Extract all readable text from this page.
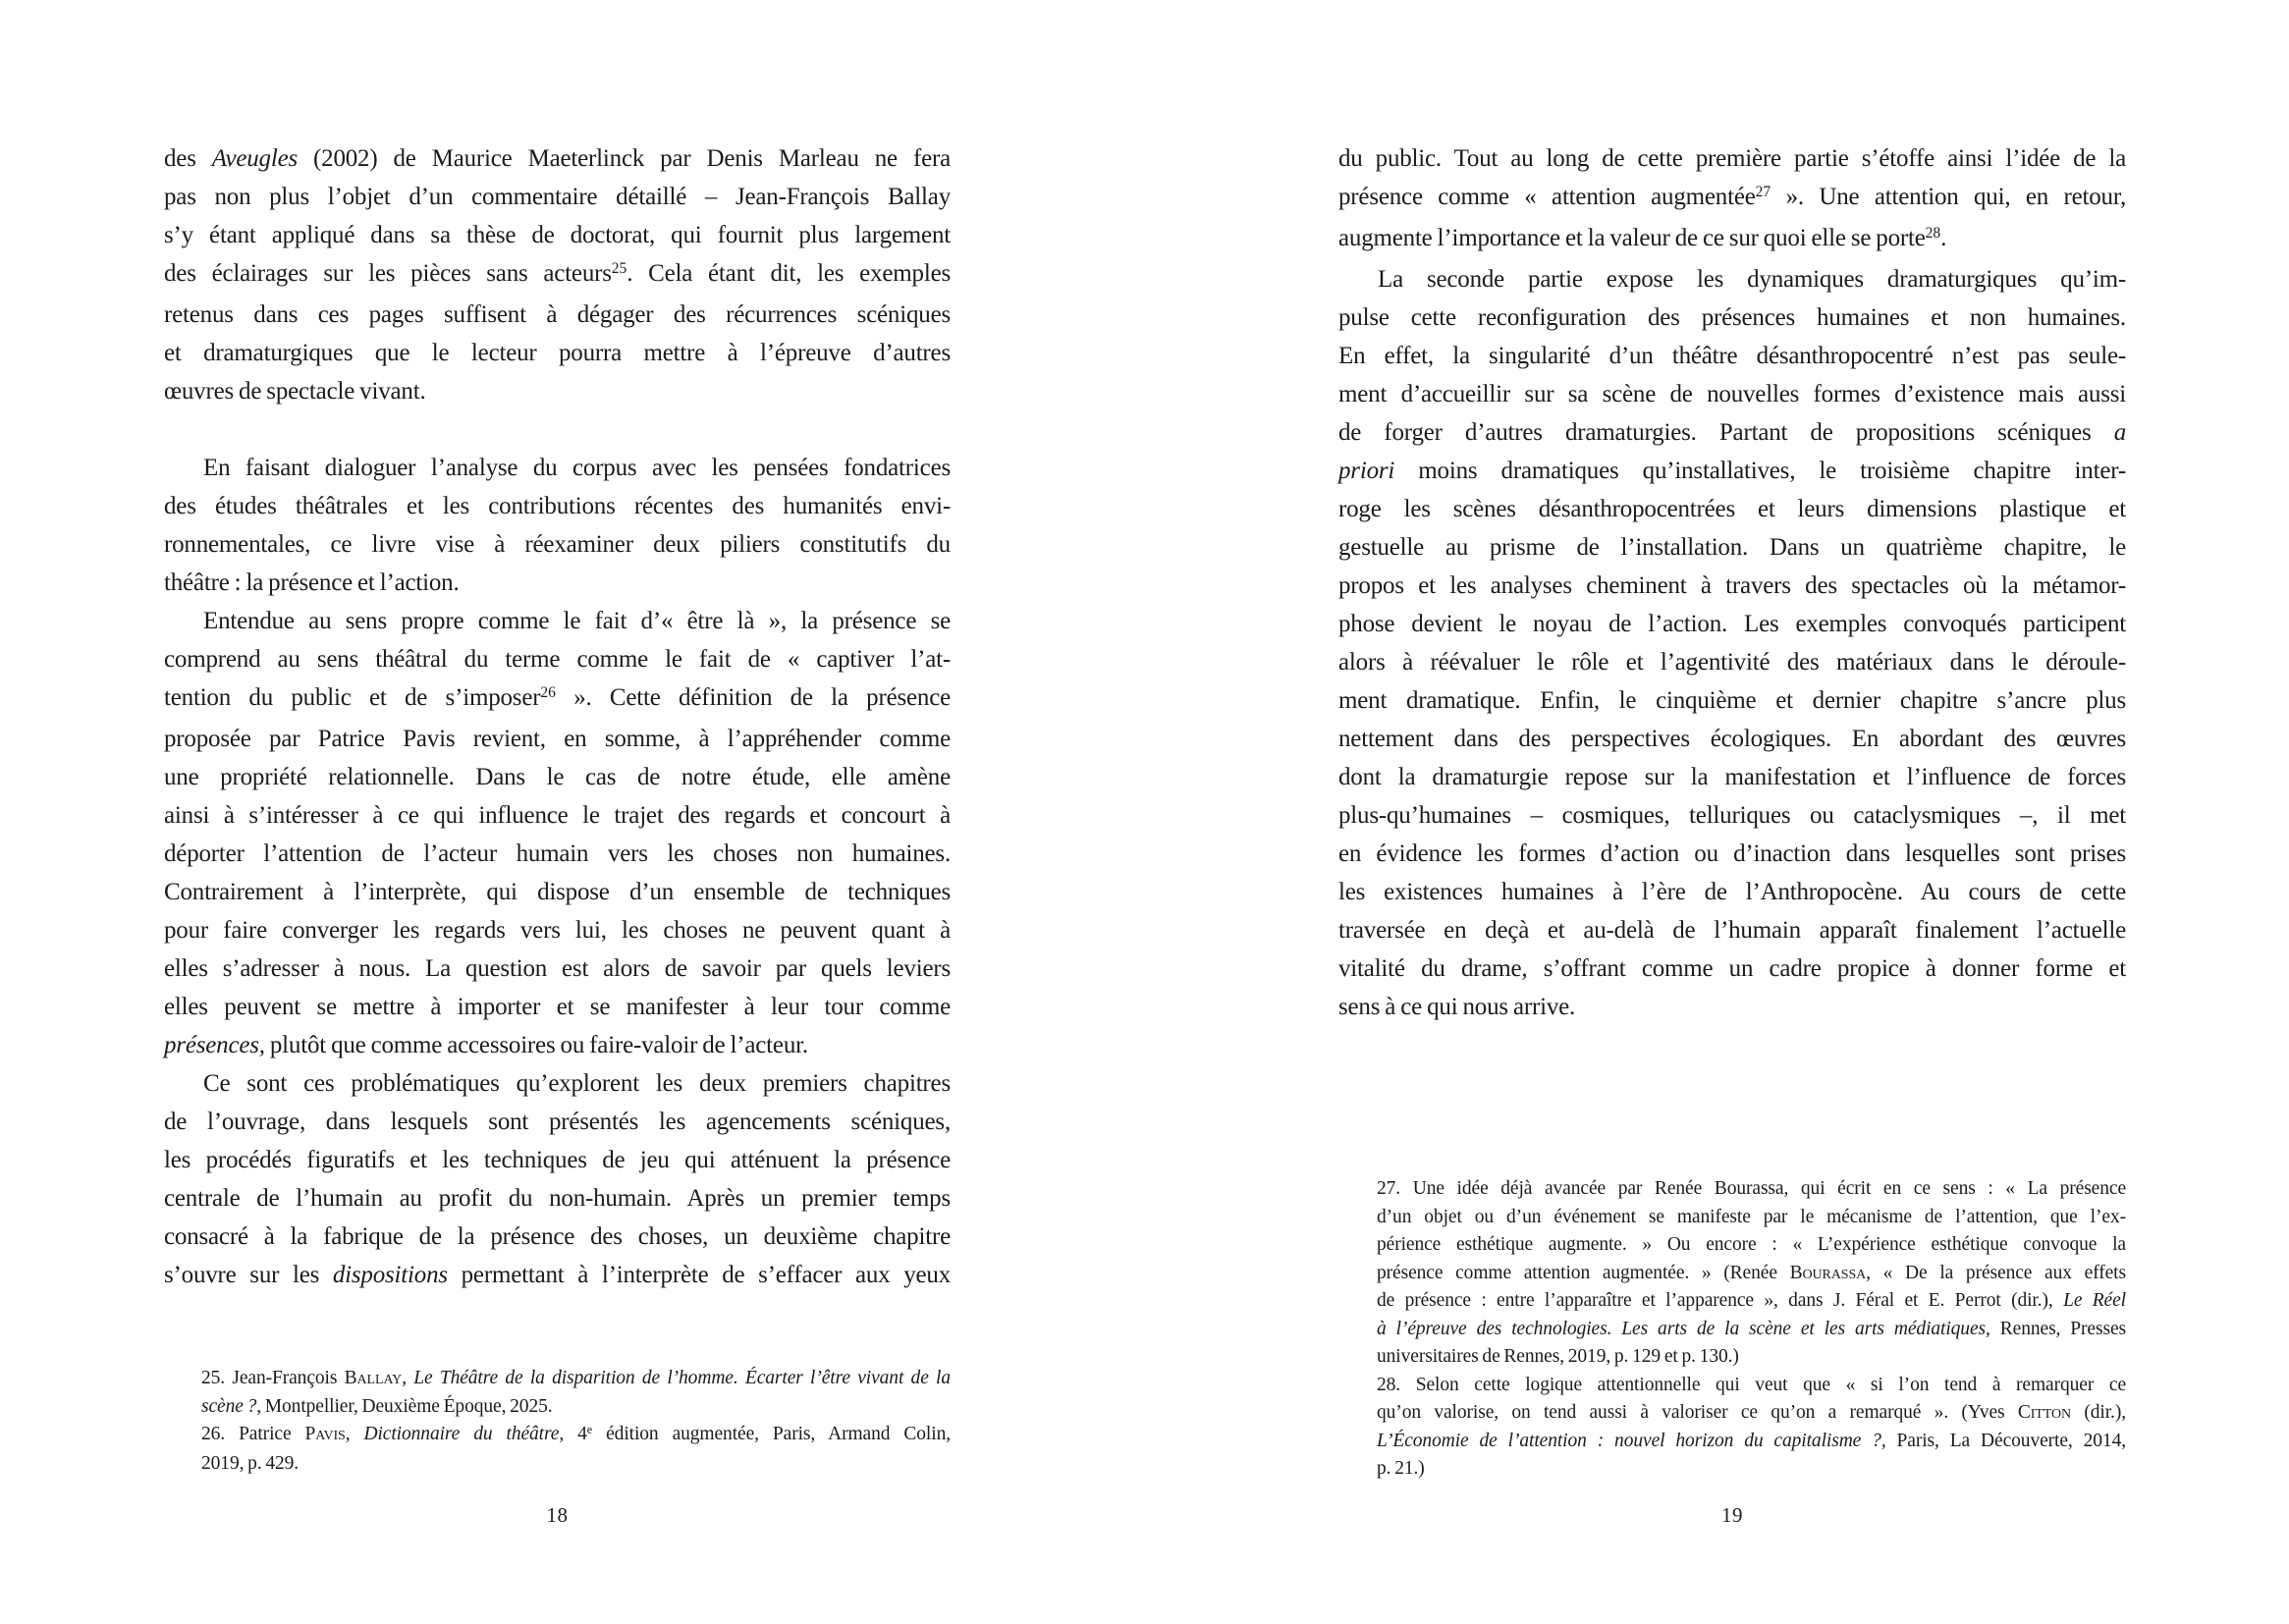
des Aveugles (2002) de Maurice Maeterlinck par Denis Marleau ne fera
pas non plus l’objet d’un commentaire détaillé – Jean-François Ballay
s’y étant appliqué dans sa thèse de doctorat, qui fournit plus largement
des éclairages sur les pièces sans acteurs$^{25}$. Cela étant dit, les exemples
retenus dans ces pages suffisent à dégager des récurrences scéniques
et dramaturgiques que le lecteur pourra mettre à l’épreuve d’autres
œuvres de spectacle vivant.
En faisant dialoguer l’analyse du corpus avec les pensées fondatrices
des études théâtrales et les contributions récentes des humanités envi-
ronnementales, ce livre vise à réexaminer deux piliers constitutifs du
théâtre : la présence et l’action.
Entendue au sens propre comme le fait d’« être là », la présence se
comprend au sens théâtral du terme comme le fait de « captiver l’at-
tention du public et de s’imposer$^{26}$ ». Cette définition de la présence
proposée par Patrice Pavis revient, en somme, à l’appréhender comme
une propriété relationnelle. Dans le cas de notre étude, elle amène
ainsi à s’intéresser à ce qui influence le trajet des regards et concourt à
déporter l’attention de l’acteur humain vers les choses non humaines.
Contrairement à l’interprète, qui dispose d’un ensemble de techniques
pour faire converger les regards vers lui, les choses ne peuvent quant à
elles s’adresser à nous. La question est alors de savoir par quels leviers
elles peuvent se mettre à importer et se manifester à leur tour comme
présences, plutôt que comme accessoires ou faire-valoir de l’acteur.
Ce sont ces problématiques qu’explorent les deux premiers chapitres
de l’ouvrage, dans lesquels sont présentés les agencements scéniques,
les procédés figuratifs et les techniques de jeu qui atténuent la présence
centrale de l’humain au profit du non-humain. Après un premier temps
consacré à la fabrique de la présence des choses, un deuxième chapitre
s’ouvre sur les dispositions permettant à l’interprète de s’effacer aux yeux
25. Jean-François Ballay, Le Théâtre de la disparition de l’homme. Écarter l’être vivant de la
scène ?, Montpellier, Deuxième Époque, 2025.
26. Patrice Pavis, Dictionnaire du théâtre, 4e édition augmentée, Paris, Armand Colin,
2019, p. 429.
18
du public. Tout au long de cette première partie s’étoffe ainsi l’idée de la
présence comme « attention augmentée$^{27}$ ». Une attention qui, en retour,
augmente l’importance et la valeur de ce sur quoi elle se porte$^{28}$.
La seconde partie expose les dynamiques dramaturgiques qu’im-
pulse cette reconfiguration des présences humaines et non humaines.
En effet, la singularité d’un théâtre désanthropocentré n’est pas seule-
ment d’accueillir sur sa scène de nouvelles formes d’existence mais aussi
de forger d’autres dramaturgies. Partant de propositions scéniques a
priori moins dramatiques qu’installatives, le troisième chapitre inter-
roge les scènes désanthropocentrées et leurs dimensions plastique et
gestuelle au prisme de l’installation. Dans un quatrième chapitre, le
propos et les analyses cheminent à travers des spectacles où la métamor-
phose devient le noyau de l’action. Les exemples convoqués participent
alors à réévaluer le rôle et l’agentivité des matériaux dans le déroule-
ment dramatique. Enfin, le cinquième et dernier chapitre s’ancre plus
nettement dans des perspectives écologiques. En abordant des œuvres
dont la dramaturgie repose sur la manifestation et l’influence de forces
plus-qu’humaines – cosmiques, telluriques ou cataclysmiques –, il met
en évidence les formes d’action ou d’inaction dans lesquelles sont prises
les existences humaines à l’ère de l’Anthropocène. Au cours de cette
traversée en deçà et au-delà de l’humain apparaît finalement l’actuelle
vitalité du drame, s’offrant comme un cadre propice à donner forme et
sens à ce qui nous arrive.
27. Une idée déjà avancée par Renée Bourassa, qui écrit en ce sens : « La présence
d’un objet ou d’un événement se manifeste par le mécanisme de l’attention, que l’ex-
périence esthétique augmente. » Ou encore : « L’expérience esthétique convoque la
présence comme attention augmentée. » (Renée Bourassa, « De la présence aux effets
de présence : entre l’apparaître et l’apparence », dans J. Féral et E. Perrot (dir.), Le Réel
à l’épreuve des technologies. Les arts de la scène et les arts médiatiques, Rennes, Presses
universitaires de Rennes, 2019, p. 129 et p. 130.)
28. Selon cette logique attentionnelle qui veut que « si l’on tend à remarquer ce
qu’on valorise, on tend aussi à valoriser ce qu’on a remarqué ». (Yves Citton (dir.),
L’Économie de l’attention : nouvel horizon du capitalisme ?, Paris, La Découverte, 2014,
p. 21.)
19
